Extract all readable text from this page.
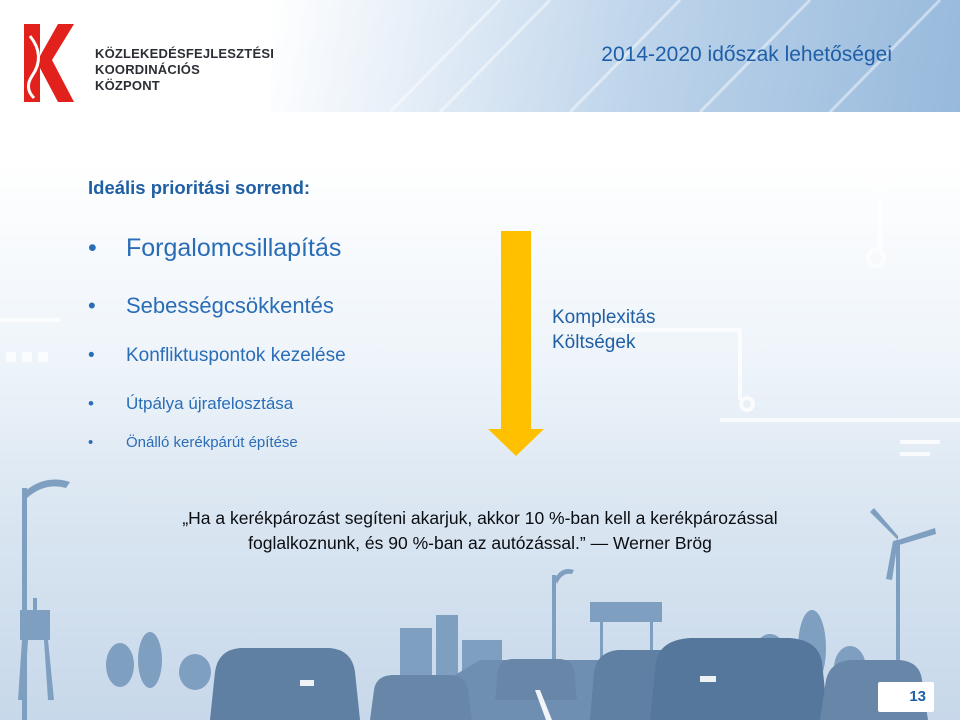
KÖZLEKEDÉSFEJLESZTÉSI
KOORDINÁCIÓS
KÖZPONT
2014-2020 időszak lehetőségei
Ideális prioritási sorrend:
• Forgalomcsillapítás
• Sebességcsökkentés
• Konfliktuspontok kezelése
• Útpálya újrafelosztása
• Önálló kerékpárút építése
Komplexitás
Költségek
„Ha a kerékpározást segíteni akarjuk, akkor 10 %-ban kell a kerékpározással
foglalkoznunk, és 90 %-ban az autózással.” — Werner Brög
13
